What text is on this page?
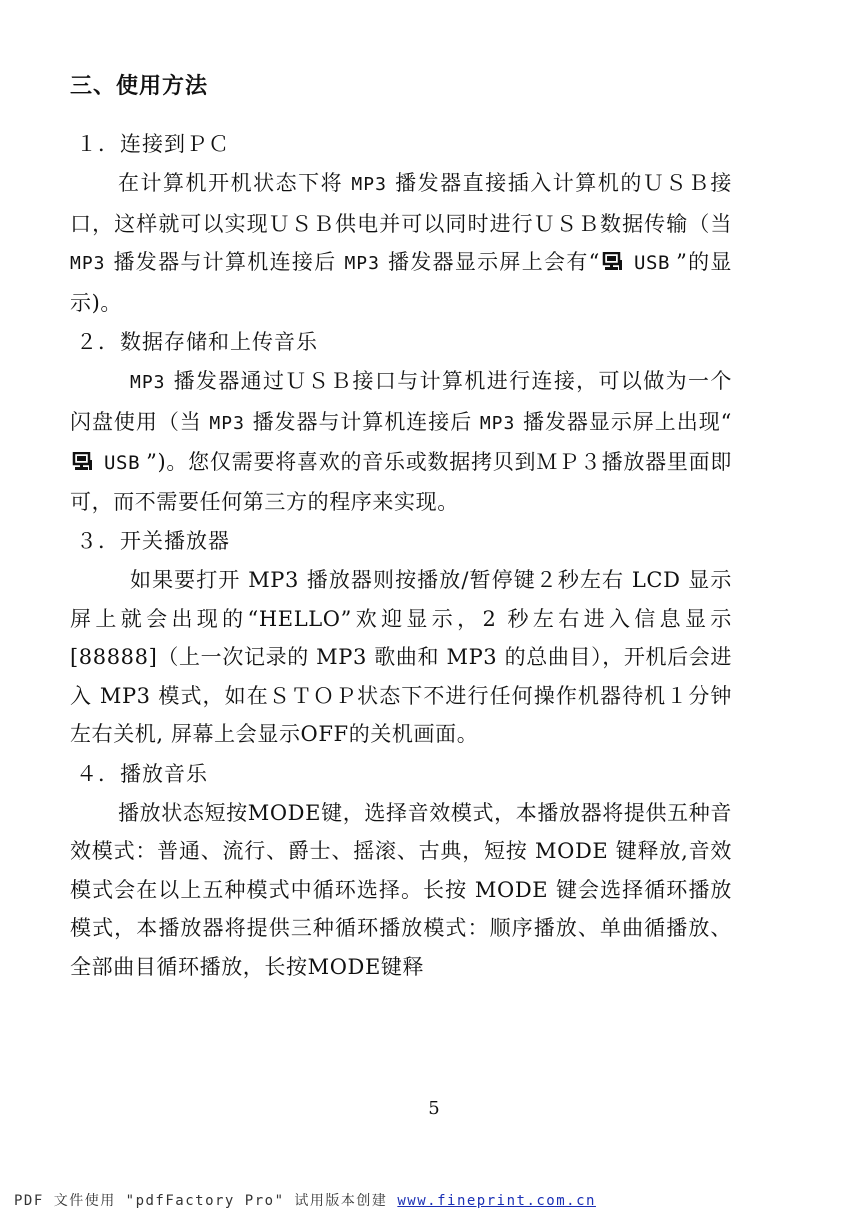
三、使用方法
１．连接到ＰＣ

在计算机开机状态下将 MP3 播发器直接插入计算机的ＵＳＢ接口，这样就可以实现ＵＳＢ供电并可以同时进行ＵＳＢ数据传输（当MP3 播发器与计算机连接后 MP3 播发器显示屏上会有“ USB ”的显示)。

２．数据存储和上传音乐

MP3 播发器通过ＵＳＢ接口与计算机进行连接，可以做为一个闪盘使用（当 MP3 播发器与计算机连接后 MP3 播发器显示屏上出现“USB ”)。您仅需要将喜欢的音乐或数据拷贝到ＭＰ３播放器里面即可，而不需要任何第三方的程序来实现。

３．开关播放器

如果要打开 MP3 播放器则按播放/暂停键２秒左右 LCD 显示屏上就会出现的“HELLO”欢迎显示，2 秒左右进入信息显示[88888]（上一次记录的 MP3 歌曲和 MP3 的总曲目），开机后会进入 MP3 模式，如在ＳＴＯＰ状态下不进行任何操作机器待机１分钟左右关机, 屏幕上会显示OFF的关机画面。

４．播放音乐

播放状态短按MODE键，选择音效模式，本播放器将提供五种音效模式：普通、流行、爵士、摇滚、古典，短按 MODE 键释放,音效模式会在以上五种模式中循环选择。长按 MODE 键会选择循环播放模式，本播放器将提供三种循环播放模式：顺序播放、单曲循播放、全部曲目循环播放，长按MODE键释

5
PDF 文件使用 "pdfFactory Pro" 试用版本创建 www.fineprint.com.cn
